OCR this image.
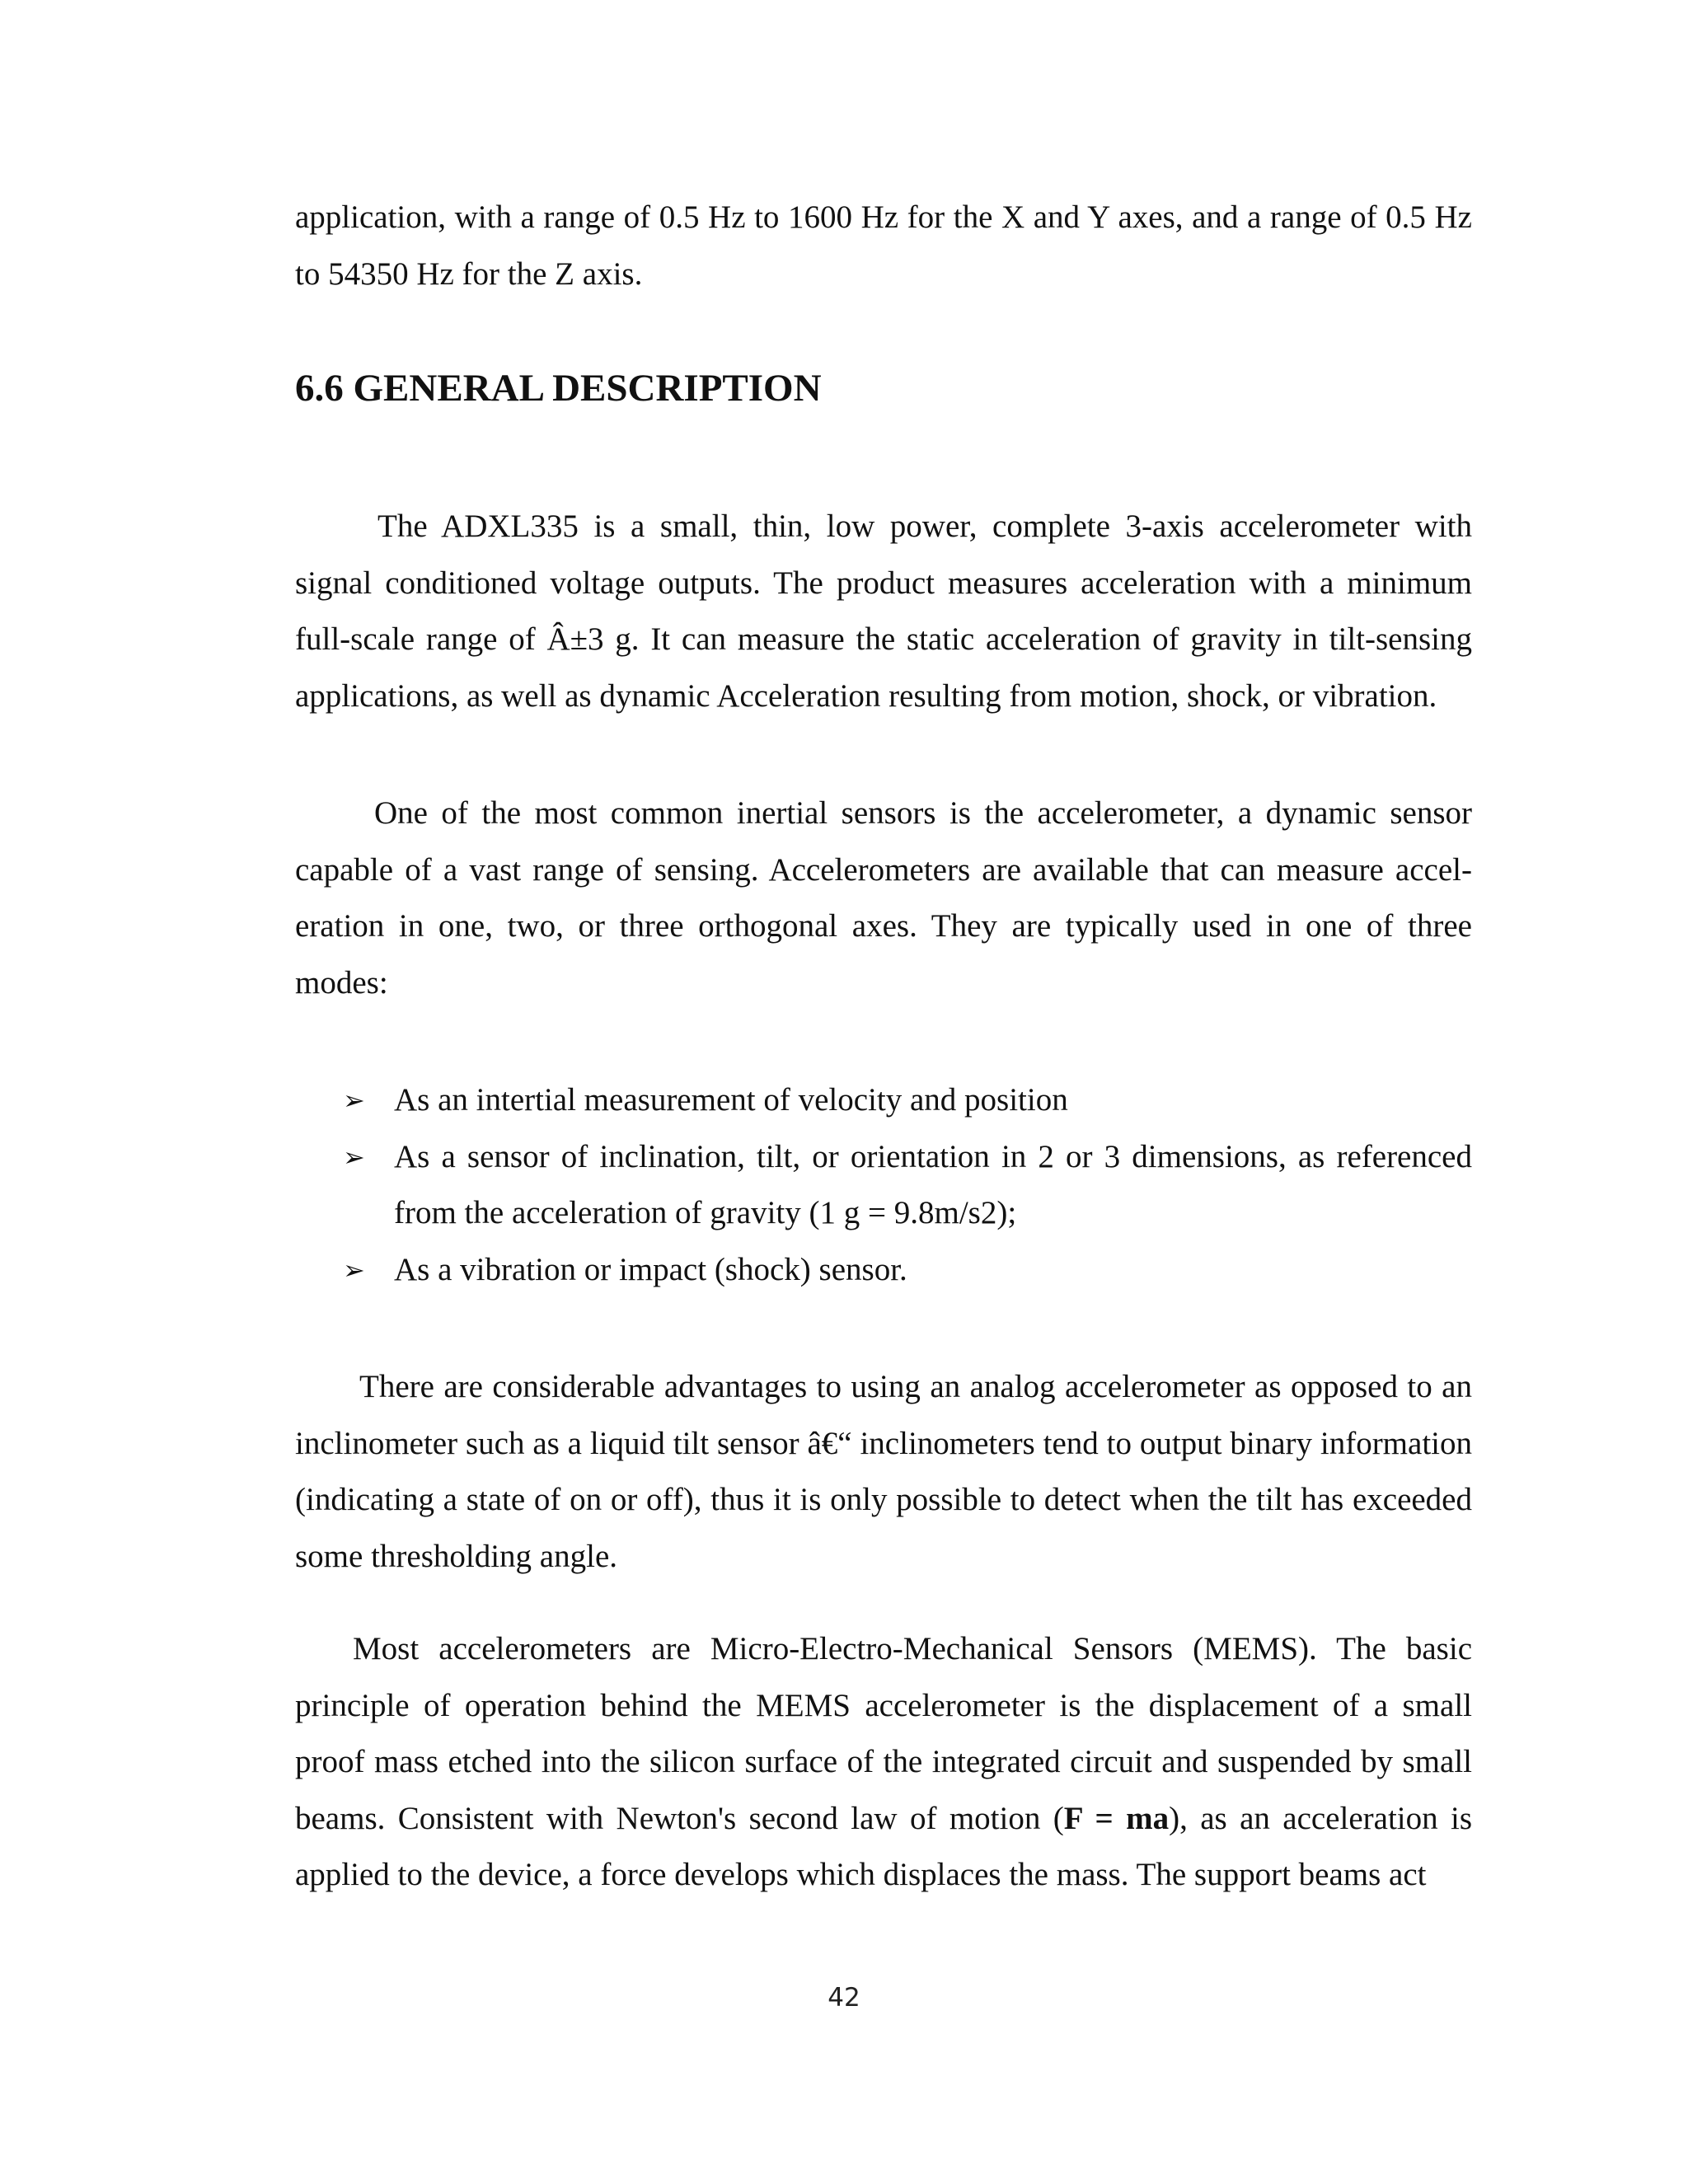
application, with a range of 0.5 Hz to 1600 Hz for the X and Y axes, and a range of 0.5 Hz to 54350 Hz for the Z axis.

6.6 GENERAL DESCRIPTION

The ADXL335 is a small, thin, low power, complete 3-axis accelerometer with signal conditioned voltage outputs. The product measures acceleration with a minimum full-scale range of Â±3 g. It can measure the static acceleration of gravity in tilt-sensing applications, as well as dynamic Acceleration resulting from motion, shock, or vibration.

One of the most common inertial sensors is the accelerometer, a dynamic sensor capable of a vast range of sensing. Accelerometers are available that can measure acceleration in one, two, or three orthogonal axes. They are typically used in one of three modes:

➢ As an intertial measurement of velocity and position
➢ As a sensor of inclination, tilt, or orientation in 2 or 3 dimensions, as referenced from the acceleration of gravity (1 g = 9.8m/s2);
➢ As a vibration or impact (shock) sensor.

There are considerable advantages to using an analog accelerometer as opposed to an inclinometer such as a liquid tilt sensor â€“ inclinometers tend to output binary information (indicating a state of on or off), thus it is only possible to detect when the tilt has exceeded some thresholding angle.

Most accelerometers are Micro-Electro-Mechanical Sensors (MEMS). The basic principle of operation behind the MEMS accelerometer is the displacement of a small proof mass etched into the silicon surface of the integrated circuit and suspended by small beams. Consistent with Newton's second law of motion (F = ma), as an acceleration is applied to the device, a force develops which displaces the mass. The support beams act

42
